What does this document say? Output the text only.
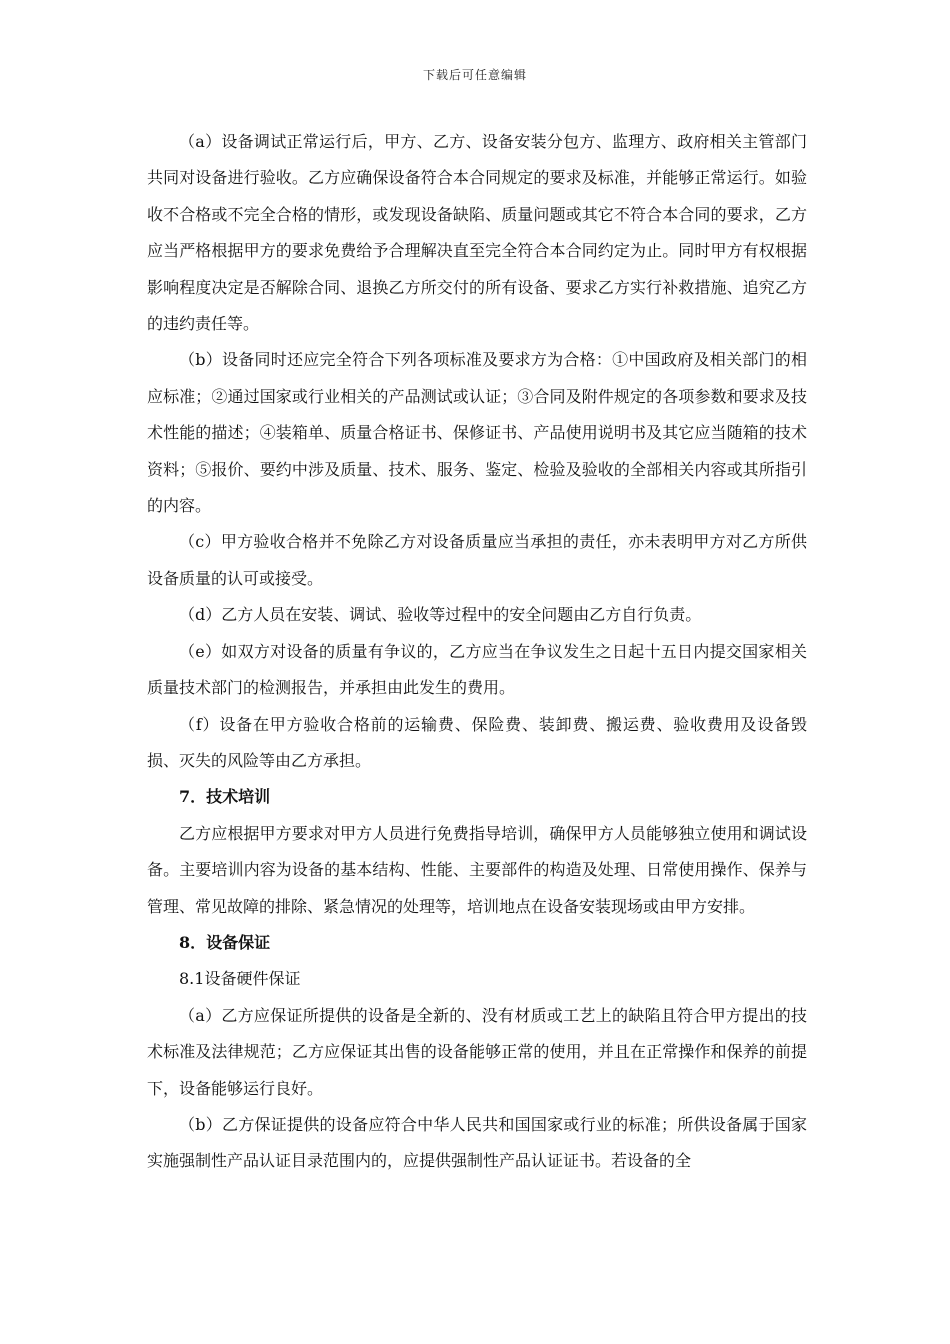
下载后可任意编辑

（a）设备调试正常运行后，甲方、乙方、设备安装分包方、监理方、政府相关主管部门共同对设备进行验收。乙方应确保设备符合本合同规定的要求及标准，并能够正常运行。如验收不合格或不完全合格的情形，或发现设备缺陷、质量问题或其它不符合本合同的要求，乙方应当严格根据甲方的要求免费给予合理解决直至完全符合本合同约定为止。同时甲方有权根据影响程度决定是否解除合同、退换乙方所交付的所有设备、要求乙方实行补救措施、追究乙方的违约责任等。

（b）设备同时还应完全符合下列各项标准及要求方为合格：①中国政府及相关部门的相应标准；②通过国家或行业相关的产品测试或认证；③合同及附件规定的各项参数和要求及技术性能的描述；④装箱单、质量合格证书、保修证书、产品使用说明书及其它应当随箱的技术资料；⑤报价、要约中涉及质量、技术、服务、鉴定、检验及验收的全部相关内容或其所指引的内容。

（c）甲方验收合格并不免除乙方对设备质量应当承担的责任，亦未表明甲方对乙方所供设备质量的认可或接受。

（d）乙方人员在安装、调试、验收等过程中的安全问题由乙方自行负责。

（e）如双方对设备的质量有争议的，乙方应当在争议发生之日起十五日内提交国家相关质量技术部门的检测报告，并承担由此发生的费用。

（f）设备在甲方验收合格前的运输费、保险费、装卸费、搬运费、验收费用及设备毁损、灭失的风险等由乙方承担。

7．技术培训

乙方应根据甲方要求对甲方人员进行免费指导培训，确保甲方人员能够独立使用和调试设备。主要培训内容为设备的基本结构、性能、主要部件的构造及处理、日常使用操作、保养与管理、常见故障的排除、紧急情况的处理等，培训地点在设备安装现场或由甲方安排。

8．设备保证

8.1设备硬件保证

（a）乙方应保证所提供的设备是全新的、没有材质或工艺上的缺陷且符合甲方提出的技术标准及法律规范；乙方应保证其出售的设备能够正常的使用，并且在正常操作和保养的前提下，设备能够运行良好。

（b）乙方保证提供的设备应符合中华人民共和国国家或行业的标准；所供设备属于国家实施强制性产品认证目录范围内的，应提供强制性产品认证证书。若设备的全
